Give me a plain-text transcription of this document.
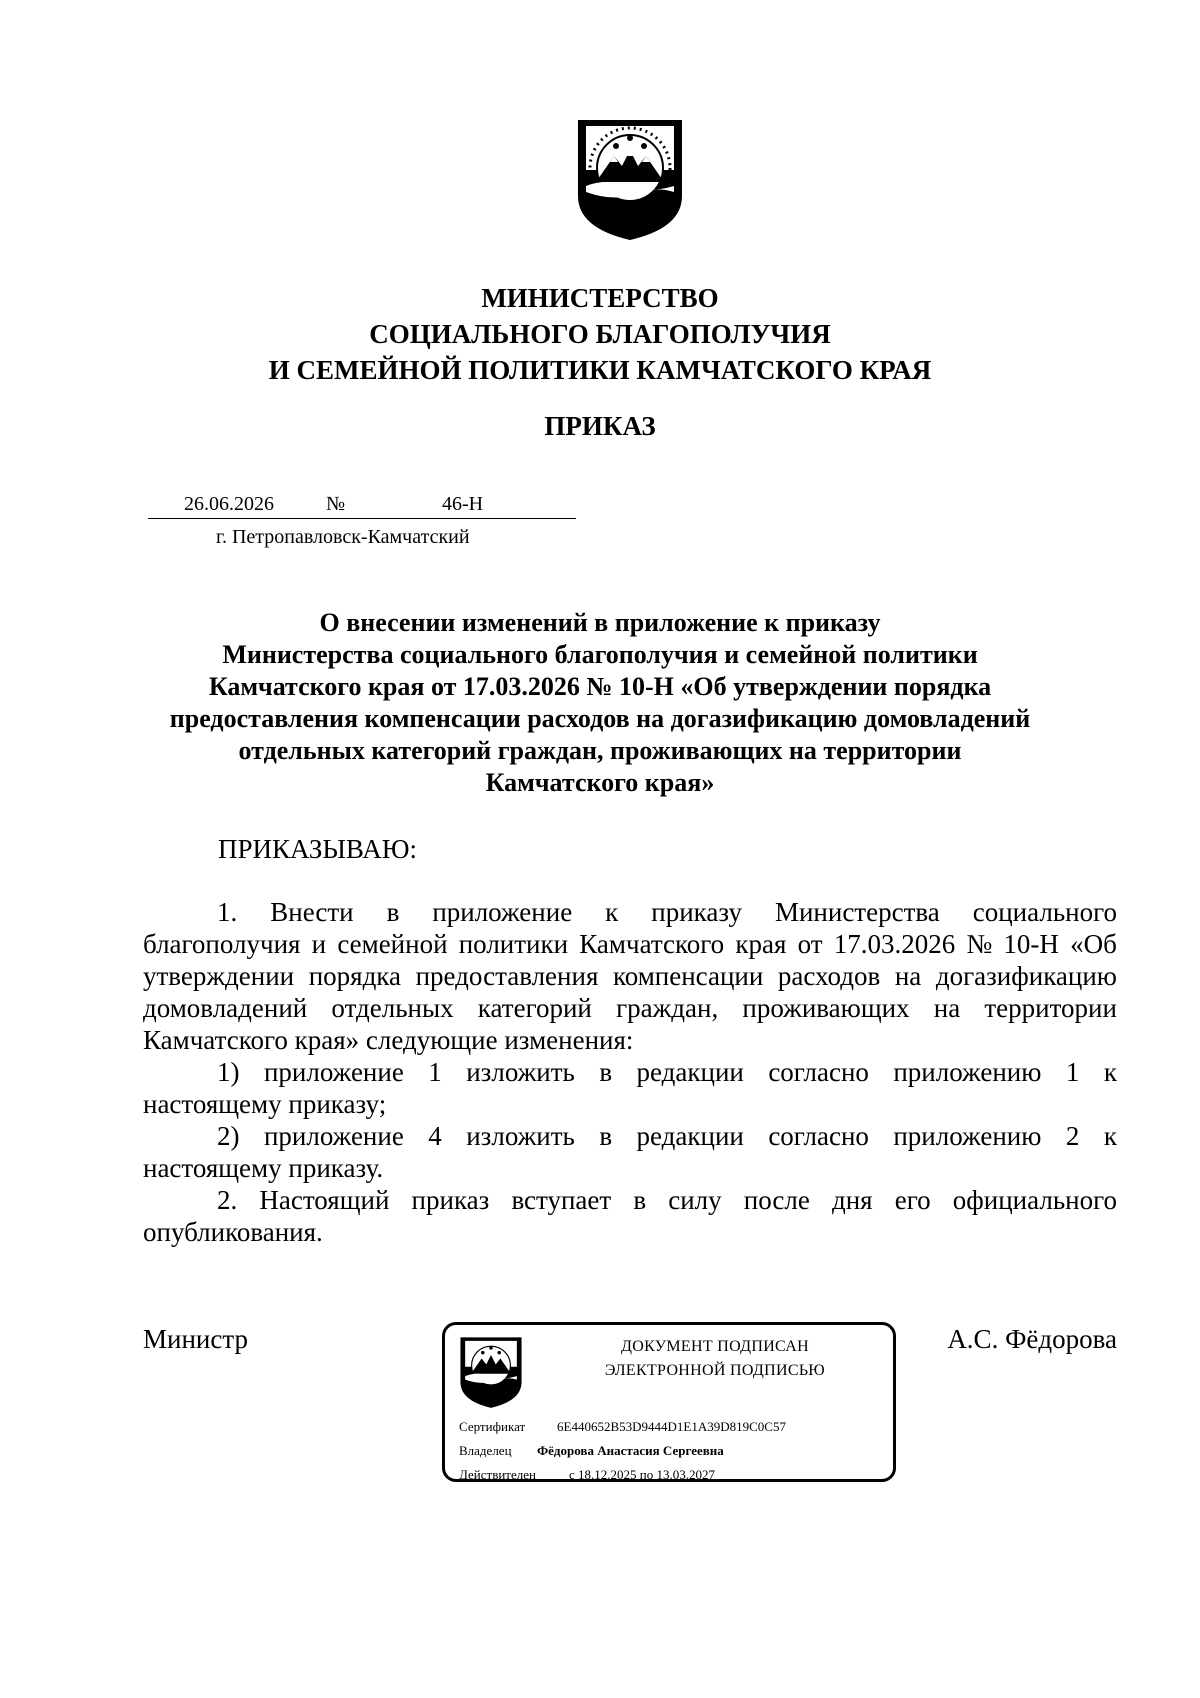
МИНИСТЕРСТВО
СОЦИАЛЬНОГО БЛАГОПОЛУЧИЯ
И СЕМЕЙНОЙ ПОЛИТИКИ КАМЧАТСКОГО КРАЯ
ПРИКАЗ
26.06.2026	№	46-Н
г. Петропавловск-Камчатский
О внесении изменений в приложение к приказу
Министерства социального благополучия и семейной политики
Камчатского края от 17.03.2026 № 10-Н «Об утверждении порядка
предоставления компенсации расходов на догазификацию домовладений
отдельных категорий граждан, проживающих на территории
Камчатского края»
ПРИКАЗЫВАЮ:
1. Внести в приложение к приказу Министерства социального
благополучия и семейной политики Камчатского края от 17.03.2026 № 10-Н «Об
утверждении порядка предоставления компенсации расходов на догазификацию
домовладений отдельных категорий граждан, проживающих на территории
Камчатского края» следующие изменения:
1) приложение 1 изложить в редакции согласно приложению 1 к
настоящему приказу;
2) приложение 4 изложить в редакции согласно приложению 2 к
настоящему приказу.
2. Настоящий приказ вступает в силу после дня его официального
опубликования.
Министр	ДОКУМЕНТ ПОДПИСАН
ЭЛЕКТРОННОЙ ПОДПИСЬЮ
Сертификат 6E440652B53D9444D1E1A39D819C0C57
Владелец Фёдорова Анастасия Сергеевна
Действителен	с 18.12.2025 по 13.03.2027
А.С. Фёдорова
